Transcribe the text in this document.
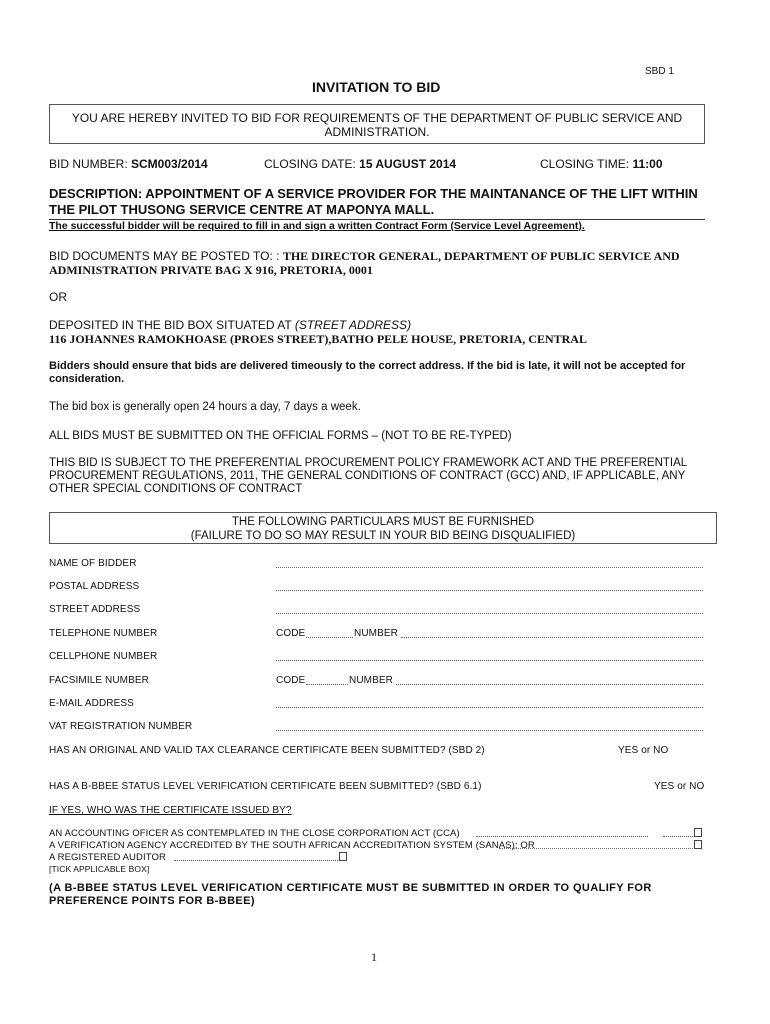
SBD 1
INVITATION TO BID
YOU ARE HEREBY INVITED TO BID FOR REQUIREMENTS OF THE DEPARTMENT OF PUBLIC SERVICE AND ADMINISTRATION.
BID NUMBER: SCM003/2014	CLOSING DATE: 15 AUGUST 2014	CLOSING TIME: 11:00
DESCRIPTION: APPOINTMENT OF A SERVICE PROVIDER FOR THE MAINTANANCE OF THE LIFT WITHIN THE PILOT THUSONG SERVICE CENTRE AT MAPONYA MALL.
The successful bidder will be required to fill in and sign a written Contract Form (Service Level Agreement).
BID DOCUMENTS MAY BE POSTED TO: : THE DIRECTOR GENERAL, DEPARTMENT OF PUBLIC SERVICE AND ADMINISTRATION PRIVATE BAG X 916, PRETORIA, 0001
OR
DEPOSITED IN THE BID BOX SITUATED AT (STREET ADDRESS)
116 JOHANNES RAMOKHOASE (PROES STREET),BATHO PELE HOUSE, PRETORIA, CENTRAL
Bidders should ensure that bids are delivered timeously to the correct address. If the bid is late, it will not be accepted for consideration.
The bid box is generally open 24 hours a day, 7 days a week.
ALL BIDS MUST BE SUBMITTED ON THE OFFICIAL FORMS – (NOT TO BE RE-TYPED)
THIS BID IS SUBJECT TO THE PREFERENTIAL PROCUREMENT POLICY FRAMEWORK ACT AND THE PREFERENTIAL PROCUREMENT REGULATIONS, 2011, THE GENERAL CONDITIONS OF CONTRACT (GCC) AND, IF APPLICABLE, ANY OTHER SPECIAL CONDITIONS OF CONTRACT
THE FOLLOWING PARTICULARS MUST BE FURNISHED
(FAILURE TO DO SO MAY RESULT IN YOUR BID BEING DISQUALIFIED)
NAME OF BIDDER
POSTAL ADDRESS
STREET ADDRESS
TELEPHONE NUMBER	CODE	NUMBER
CELLPHONE NUMBER
FACSIMILE NUMBER	CODE	NUMBER
E-MAIL ADDRESS
VAT REGISTRATION NUMBER
HAS AN ORIGINAL AND VALID TAX CLEARANCE CERTIFICATE BEEN SUBMITTED? (SBD 2)	YES or NO
HAS A B-BBEE STATUS LEVEL VERIFICATION CERTIFICATE BEEN SUBMITTED? (SBD 6.1)	YES or NO
IF YES, WHO WAS THE CERTIFICATE ISSUED BY?
AN ACCOUNTING OFICER AS CONTEMPLATED IN THE CLOSE CORPORATION ACT (CCA)
A VERIFICATION AGENCY ACCREDITED BY THE SOUTH AFRICAN ACCREDITATION SYSTEM (SANAS); OR
A REGISTERED AUDITOR
[TICK APPLICABLE BOX]
(A B-BBEE STATUS LEVEL VERIFICATION CERTIFICATE MUST BE SUBMITTED IN ORDER TO QUALIFY FOR PREFERENCE POINTS FOR B-BBEE)
1
